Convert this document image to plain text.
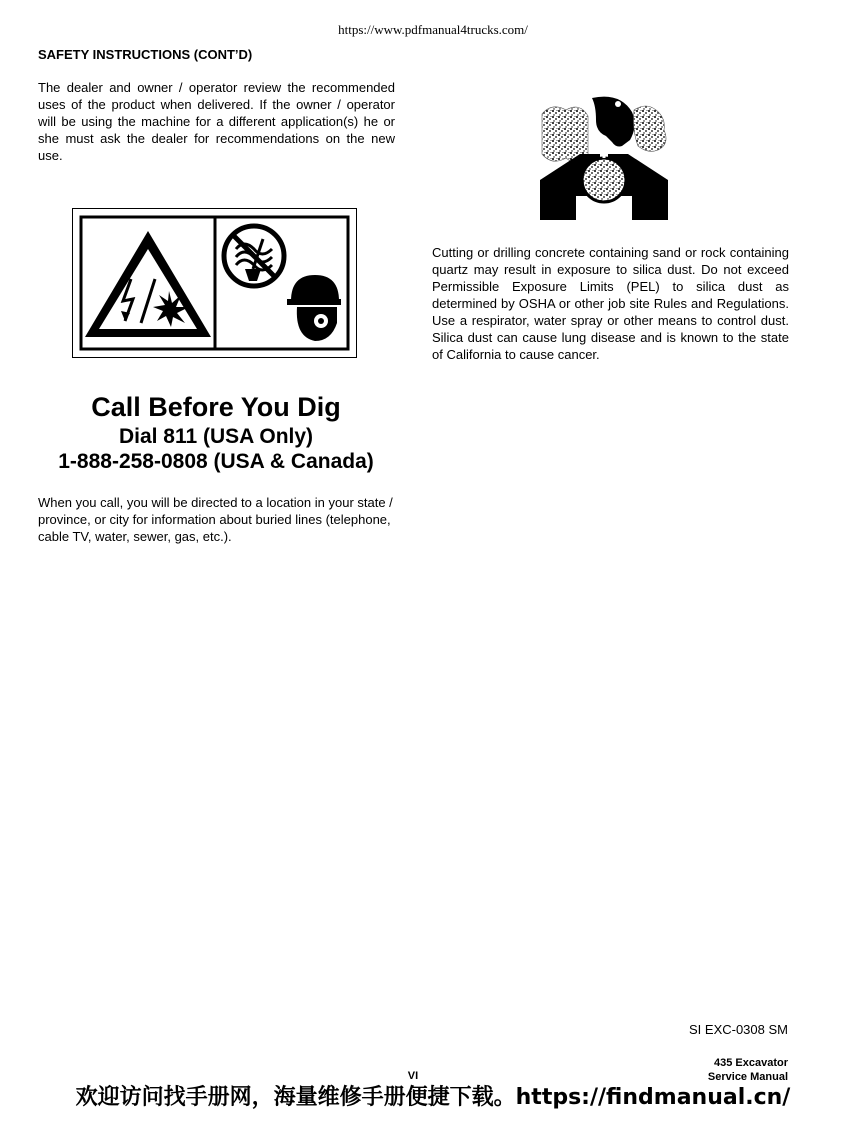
https://www.pdfmanual4trucks.com/
SAFETY INSTRUCTIONS (CONT’D)
The dealer and owner / operator review the recommended uses of the product when delivered. If the owner / operator will be using the machine for a different application(s) he or she must ask the dealer for recommendations on the new use.
Cutting or drilling concrete containing sand or rock containing quartz may result in exposure to silica dust. Do not exceed Permissible Exposure Limits (PEL) to silica dust as determined by OSHA or other job site Rules and Regulations. Use a respirator, water spray or other means to control dust. Silica dust can cause lung disease and is known to the state of California to cause cancer.
Call Before You Dig
Dial 811 (USA Only)
1-888-258-0808 (USA & Canada)
When you call, you will be directed to a location in your state / province, or city for information about buried lines (telephone, cable TV, water, sewer, gas, etc.).
SI EXC-0308 SM
435 Excavator
Service Manual
VI
欢迎访问找手册网，海量维修手册便捷下载。https://findmanual.cn/
